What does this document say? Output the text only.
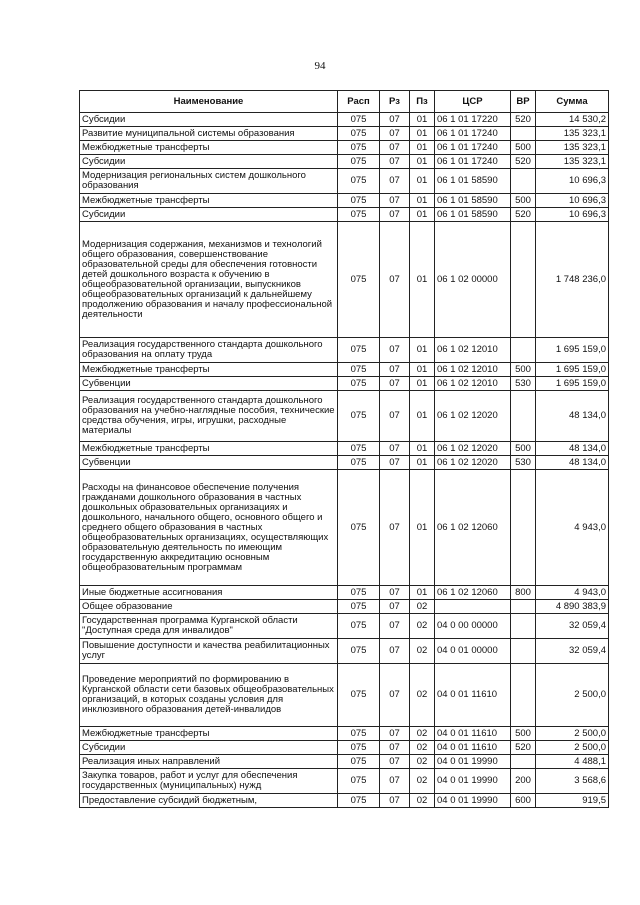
94
Наименование	Расп	Рз	Пз	ЦСР	ВР	Сумма
Субсидии	075	07	01	06 1 01 17220	520	14 530,2
Развитие муниципальной системы образования	075	07	01	06 1 01 17240		135 323,1
Межбюджетные трансферты	075	07	01	06 1 01 17240	500	135 323,1
Субсидии	075	07	01	06 1 01 17240	520	135 323,1
Модернизация региональных систем дошкольного образования	075	07	01	06 1 01 58590		10 696,3
Межбюджетные трансферты	075	07	01	06 1 01 58590	500	10 696,3
Субсидии	075	07	01	06 1 01 58590	520	10 696,3
Модернизация содержания, механизмов и технологий общего образования, совершенствование образовательной среды для обеспечения готовности детей дошкольного возраста к обучению в общеобразовательной организации, выпускников общеобразовательных организаций к дальнейшему продолжению образования и началу профессиональной деятельности	075	07	01	06 1 02 00000		1 748 236,0
Реализация государственного стандарта дошкольного образования на оплату труда	075	07	01	06 1 02 12010		1 695 159,0
Межбюджетные трансферты	075	07	01	06 1 02 12010	500	1 695 159,0
Субвенции	075	07	01	06 1 02 12010	530	1 695 159,0
Реализация государственного стандарта дошкольного образования на учебно-наглядные пособия, технические средства обучения, игры, игрушки, расходные материалы	075	07	01	06 1 02 12020		48 134,0
Межбюджетные трансферты	075	07	01	06 1 02 12020	500	48 134,0
Субвенции	075	07	01	06 1 02 12020	530	48 134,0
Расходы на финансовое обеспечение получения гражданами дошкольного образования в частных дошкольных образовательных организациях и дошкольного, начального общего, основного общего и среднего общего образования в частных общеобразовательных организациях, осуществляющих образовательную деятельность по имеющим государственную аккредитацию основным общеобразовательным программам	075	07	01	06 1 02 12060		4 943,0
Иные бюджетные ассигнования	075	07	01	06 1 02 12060	800	4 943,0
Общее образование	075	07	02			4 890 383,9
Государственная программа Курганской области "Доступная среда для инвалидов"	075	07	02	04 0 00 00000		32 059,4
Повышение доступности и качества реабилитационных услуг	075	07	02	04 0 01 00000		32 059,4
Проведение мероприятий по формированию в Курганской области сети базовых общеобразовательных организаций, в которых созданы условия для инклюзивного образования детей-инвалидов	075	07	02	04 0 01 11610		2 500,0
Межбюджетные трансферты	075	07	02	04 0 01 11610	500	2 500,0
Субсидии	075	07	02	04 0 01 11610	520	2 500,0
Реализация иных направлений	075	07	02	04 0 01 19990		4 488,1
Закупка товаров, работ и услуг для обеспечения государственных (муниципальных) нужд	075	07	02	04 0 01 19990	200	3 568,6
Предоставление субсидий бюджетным,	075	07	02	04 0 01 19990	600	919,5
